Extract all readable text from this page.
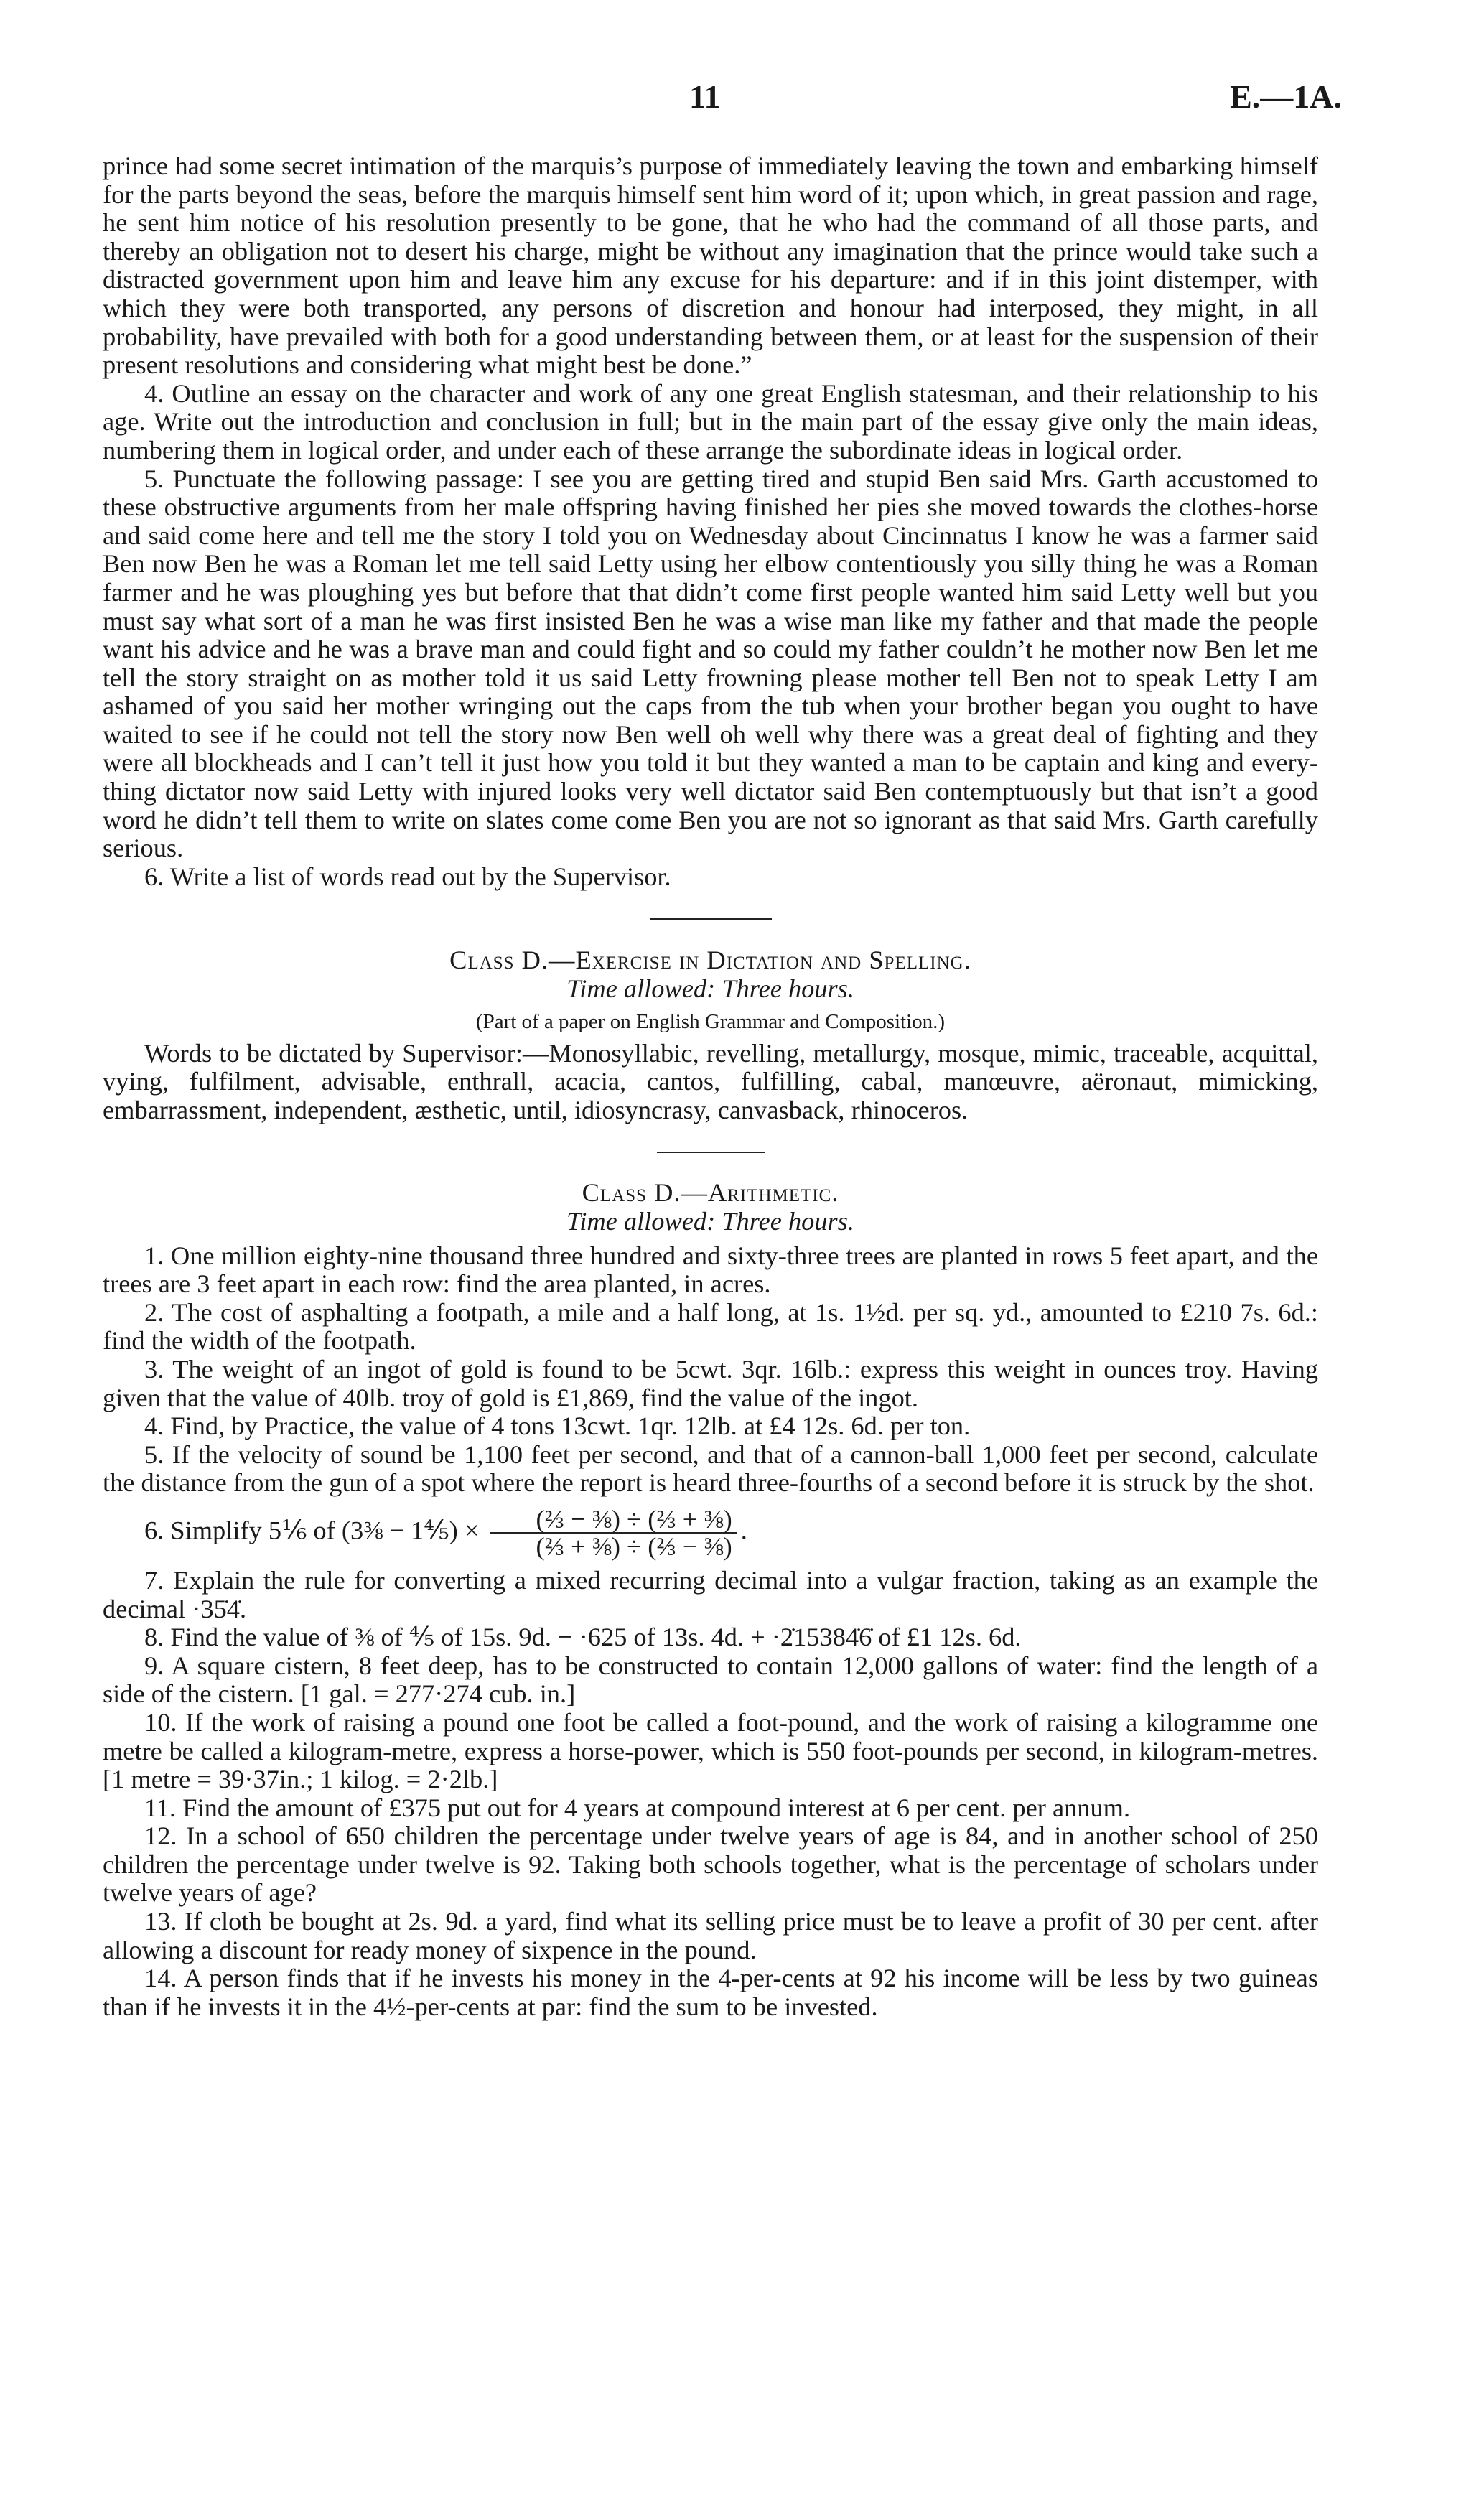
11	E.—1A.

prince had some secret intimation of the marquis’s purpose of immediately leaving the town and embarking himself for the parts beyond the seas, before the marquis himself sent him word of it; upon which, in great passion and rage, he sent him notice of his resolution presently to be gone, that he who had the command of all those parts, and thereby an obligation not to desert his charge, might be without any imagination that the prince would take such a distracted government upon him and leave him any excuse for his departure: and if in this joint distemper, with which they were both transported, any persons of discretion and honour had interposed, they might, in all probability, have prevailed with both for a good understanding between them, or at least for the suspension of their present resolutions and considering what might best be done.”

4. Outline an essay on the character and work of any one great English statesman, and their relationship to his age. Write out the introduction and conclusion in full; but in the main part of the essay give only the main ideas, numbering them in logical order, and under each of these arrange the subordinate ideas in logical order.

5. Punctuate the following passage: I see you are getting tired and stupid Ben said Mrs. Garth accustomed to these obstructive arguments from her male offspring having finished her pies she moved towards the clothes-horse and said come here and tell me the story I told you on Wednesday about Cincinnatus I know he was a farmer said Ben now Ben he was a Roman let me tell said Letty using her elbow contentiously you silly thing he was a Roman farmer and he was ploughing yes but before that that didn’t come first people wanted him said Letty well but you must say what sort of a man he was first insisted Ben he was a wise man like my father and that made the people want his advice and he was a brave man and could fight and so could my father couldn’t he mother now Ben let me tell the story straight on as mother told it us said Letty frowning please mother tell Ben not to speak Letty I am ashamed of you said her mother wringing out the caps from the tub when your brother began you ought to have waited to see if he could not tell the story now Ben well oh well why there was a great deal of fighting and they were all blockheads and I can’t tell it just how you told it but they wanted a man to be captain and king and every-thing dictator now said Letty with injured looks very well dictator said Ben contemptuously but that isn’t a good word he didn’t tell them to write on slates come come Ben you are not so ignorant as that said Mrs. Garth carefully serious.

6. Write a list of words read out by the Supervisor.

Class D.—Exercise in Dictation and Spelling.

Time allowed: Three hours.

(Part of a paper on English Grammar and Composition.)

Words to be dictated by Supervisor:—Monosyllabic, revelling, metallurgy, mosque, mimic, traceable, acquittal, vying, fulfilment, advisable, enthrall, acacia, cantos, fulfilling, cabal, manœuvre, aëronaut, mimicking, embarrassment, independent, æsthetic, until, idiosyncrasy, canvasback, rhinoceros.

Class D.—Arithmetic.

Time allowed: Three hours.

1. One million eighty-nine thousand three hundred and sixty-three trees are planted in rows 5 feet apart, and the trees are 3 feet apart in each row: find the area planted, in acres.

2. The cost of asphalting a footpath, a mile and a half long, at 1s. 1½d. per sq. yd., amounted to £210 7s. 6d.: find the width of the footpath.

3. The weight of an ingot of gold is found to be 5cwt. 3qr. 16lb.: express this weight in ounces troy. Having given that the value of 40lb. troy of gold is £1,869, find the value of the ingot.

4. Find, by Practice, the value of 4 tons 13cwt. 1qr. 12lb. at £4 12s. 6d. per ton.

5. If the velocity of sound be 1,100 feet per second, and that of a cannon-ball 1,000 feet per second, calculate the distance from the gun of a spot where the report is heard three-fourths of a second before it is struck by the shot.

6. Simplify 5⅙ of (3⅜ − 1⅘) × $\frac{\text{(⅔ − ⅜) ÷ (⅔ + ⅜)}}{\text{(⅔ + ⅜) ÷ (⅔ − ⅜)}}$ .

7. Explain the rule for converting a mixed recurring decimal into a vulgar fraction, taking as an example the decimal ·35̇4̇.

8. Find the value of ⅜ of ⅘ of 15s. 9d. − ·625 of 13s. 4d. + ·2̇15384̇6̇ of £1 12s. 6d.

9. A square cistern, 8 feet deep, has to be constructed to contain 12,000 gallons of water: find the length of a side of the cistern. [1 gal. = 277·274 cub. in.]

10. If the work of raising a pound one foot be called a foot-pound, and the work of raising a kilogramme one metre be called a kilogram-metre, express a horse-power, which is 550 foot-pounds per second, in kilogram-metres. [1 metre = 39·37in.; 1 kilog. = 2·2lb.]

11. Find the amount of £375 put out for 4 years at compound interest at 6 per cent. per annum.

12. In a school of 650 children the percentage under twelve years of age is 84, and in another school of 250 children the percentage under twelve is 92. Taking both schools together, what is the percentage of scholars under twelve years of age?

13. If cloth be bought at 2s. 9d. a yard, find what its selling price must be to leave a profit of 30 per cent. after allowing a discount for ready money of sixpence in the pound.

14. A person finds that if he invests his money in the 4-per-cents at 92 his income will be less by two guineas than if he invests it in the 4½-per-cents at par: find the sum to be invested.
